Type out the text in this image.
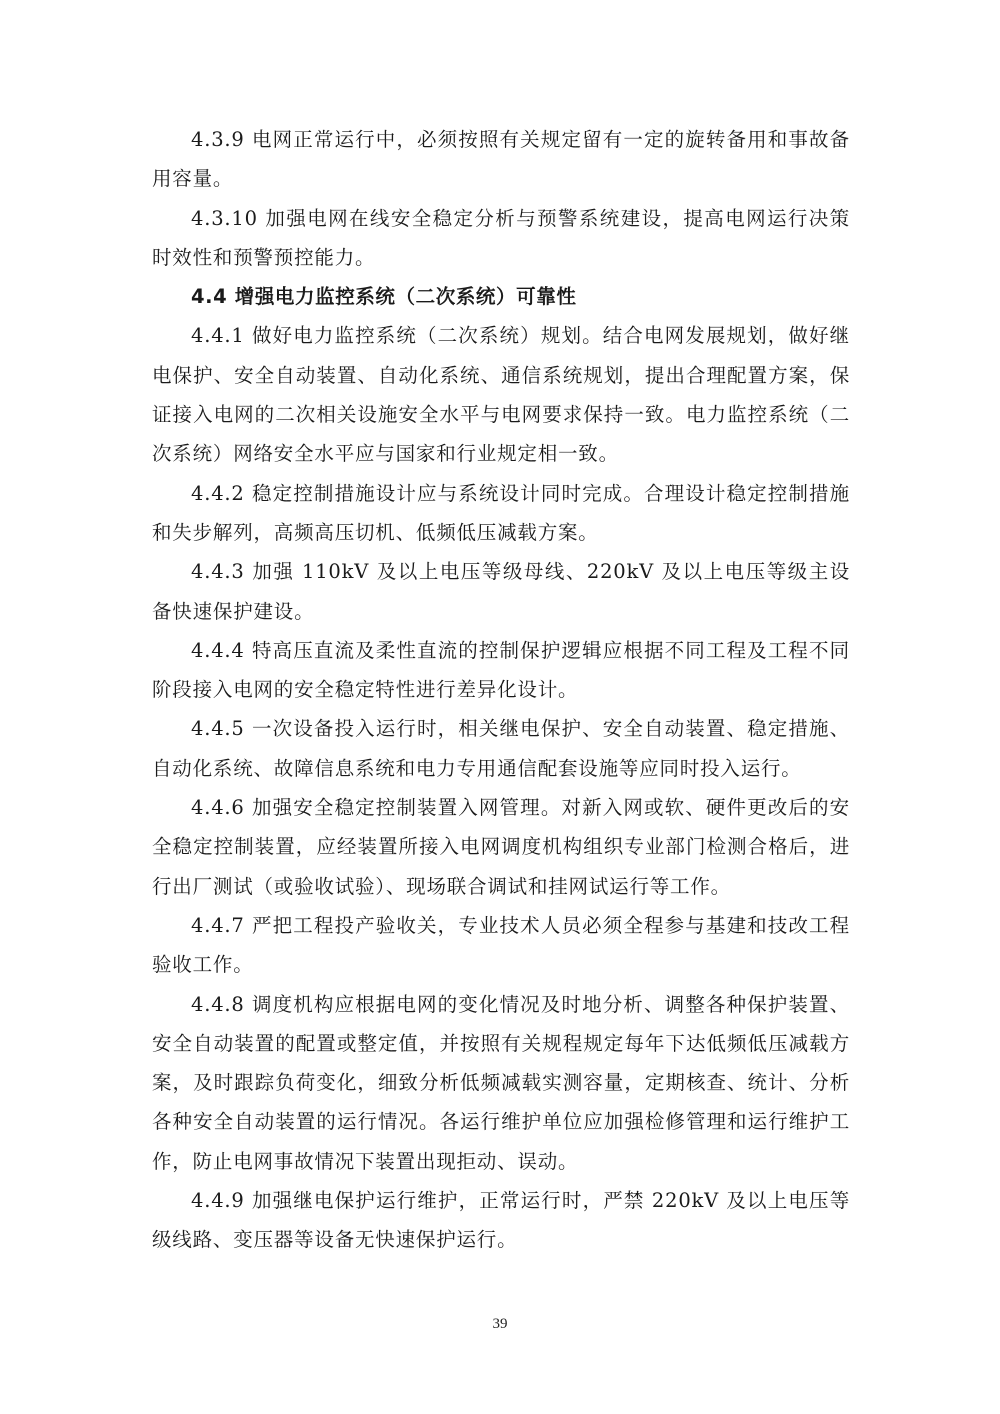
4.3.9 电网正常运行中，必须按照有关规定留有一定的旋转备用和事故备用容量。

4.3.10 加强电网在线安全稳定分析与预警系统建设，提高电网运行决策时效性和预警预控能力。

4.4 增强电力监控系统（二次系统）可靠性

4.4.1 做好电力监控系统（二次系统）规划。结合电网发展规划，做好继电保护、安全自动装置、自动化系统、通信系统规划，提出合理配置方案，保证接入电网的二次相关设施安全水平与电网要求保持一致。电力监控系统（二次系统）网络安全水平应与国家和行业规定相一致。

4.4.2 稳定控制措施设计应与系统设计同时完成。合理设计稳定控制措施和失步解列，高频高压切机、低频低压减载方案。

4.4.3 加强 110kV 及以上电压等级母线、220kV 及以上电压等级主设备快速保护建设。

4.4.4 特高压直流及柔性直流的控制保护逻辑应根据不同工程及工程不同阶段接入电网的安全稳定特性进行差异化设计。

4.4.5 一次设备投入运行时，相关继电保护、安全自动装置、稳定措施、自动化系统、故障信息系统和电力专用通信配套设施等应同时投入运行。

4.4.6 加强安全稳定控制装置入网管理。对新入网或软、硬件更改后的安全稳定控制装置，应经装置所接入电网调度机构组织专业部门检测合格后，进行出厂测试（或验收试验）、现场联合调试和挂网试运行等工作。

4.4.7 严把工程投产验收关，专业技术人员必须全程参与基建和技改工程验收工作。

4.4.8 调度机构应根据电网的变化情况及时地分析、调整各种保护装置、安全自动装置的配置或整定值，并按照有关规程规定每年下达低频低压减载方案，及时跟踪负荷变化，细致分析低频减载实测容量，定期核查、统计、分析各种安全自动装置的运行情况。各运行维护单位应加强检修管理和运行维护工作，防止电网事故情况下装置出现拒动、误动。

4.4.9 加强继电保护运行维护，正常运行时，严禁 220kV 及以上电压等级线路、变压器等设备无快速保护运行。

39
